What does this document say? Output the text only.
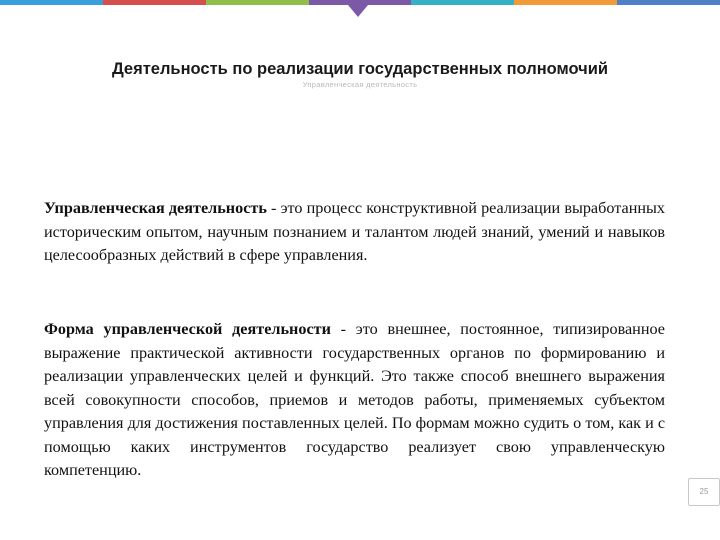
Деятельность по реализации государственных полномочий
Управленческая деятельность

Управленческая деятельность - это процесс конструктивной реализации выработанных историческим опытом, научным познанием и талантом людей знаний, умений и навыков целесообразных действий в сфере управления.

Форма управленческой деятельности - это внешнее, постоянное, типизированное выражение практической активности государственных органов по формированию и реализации управленческих целей и функций. Это также способ внешнего выражения всей совокупности способов, приемов и методов работы, применяемых субъектом управления для достижения поставленных целей. По формам можно судить о том, как и с помощью каких инструментов государство реализует свою управленческую компетенцию.

25
